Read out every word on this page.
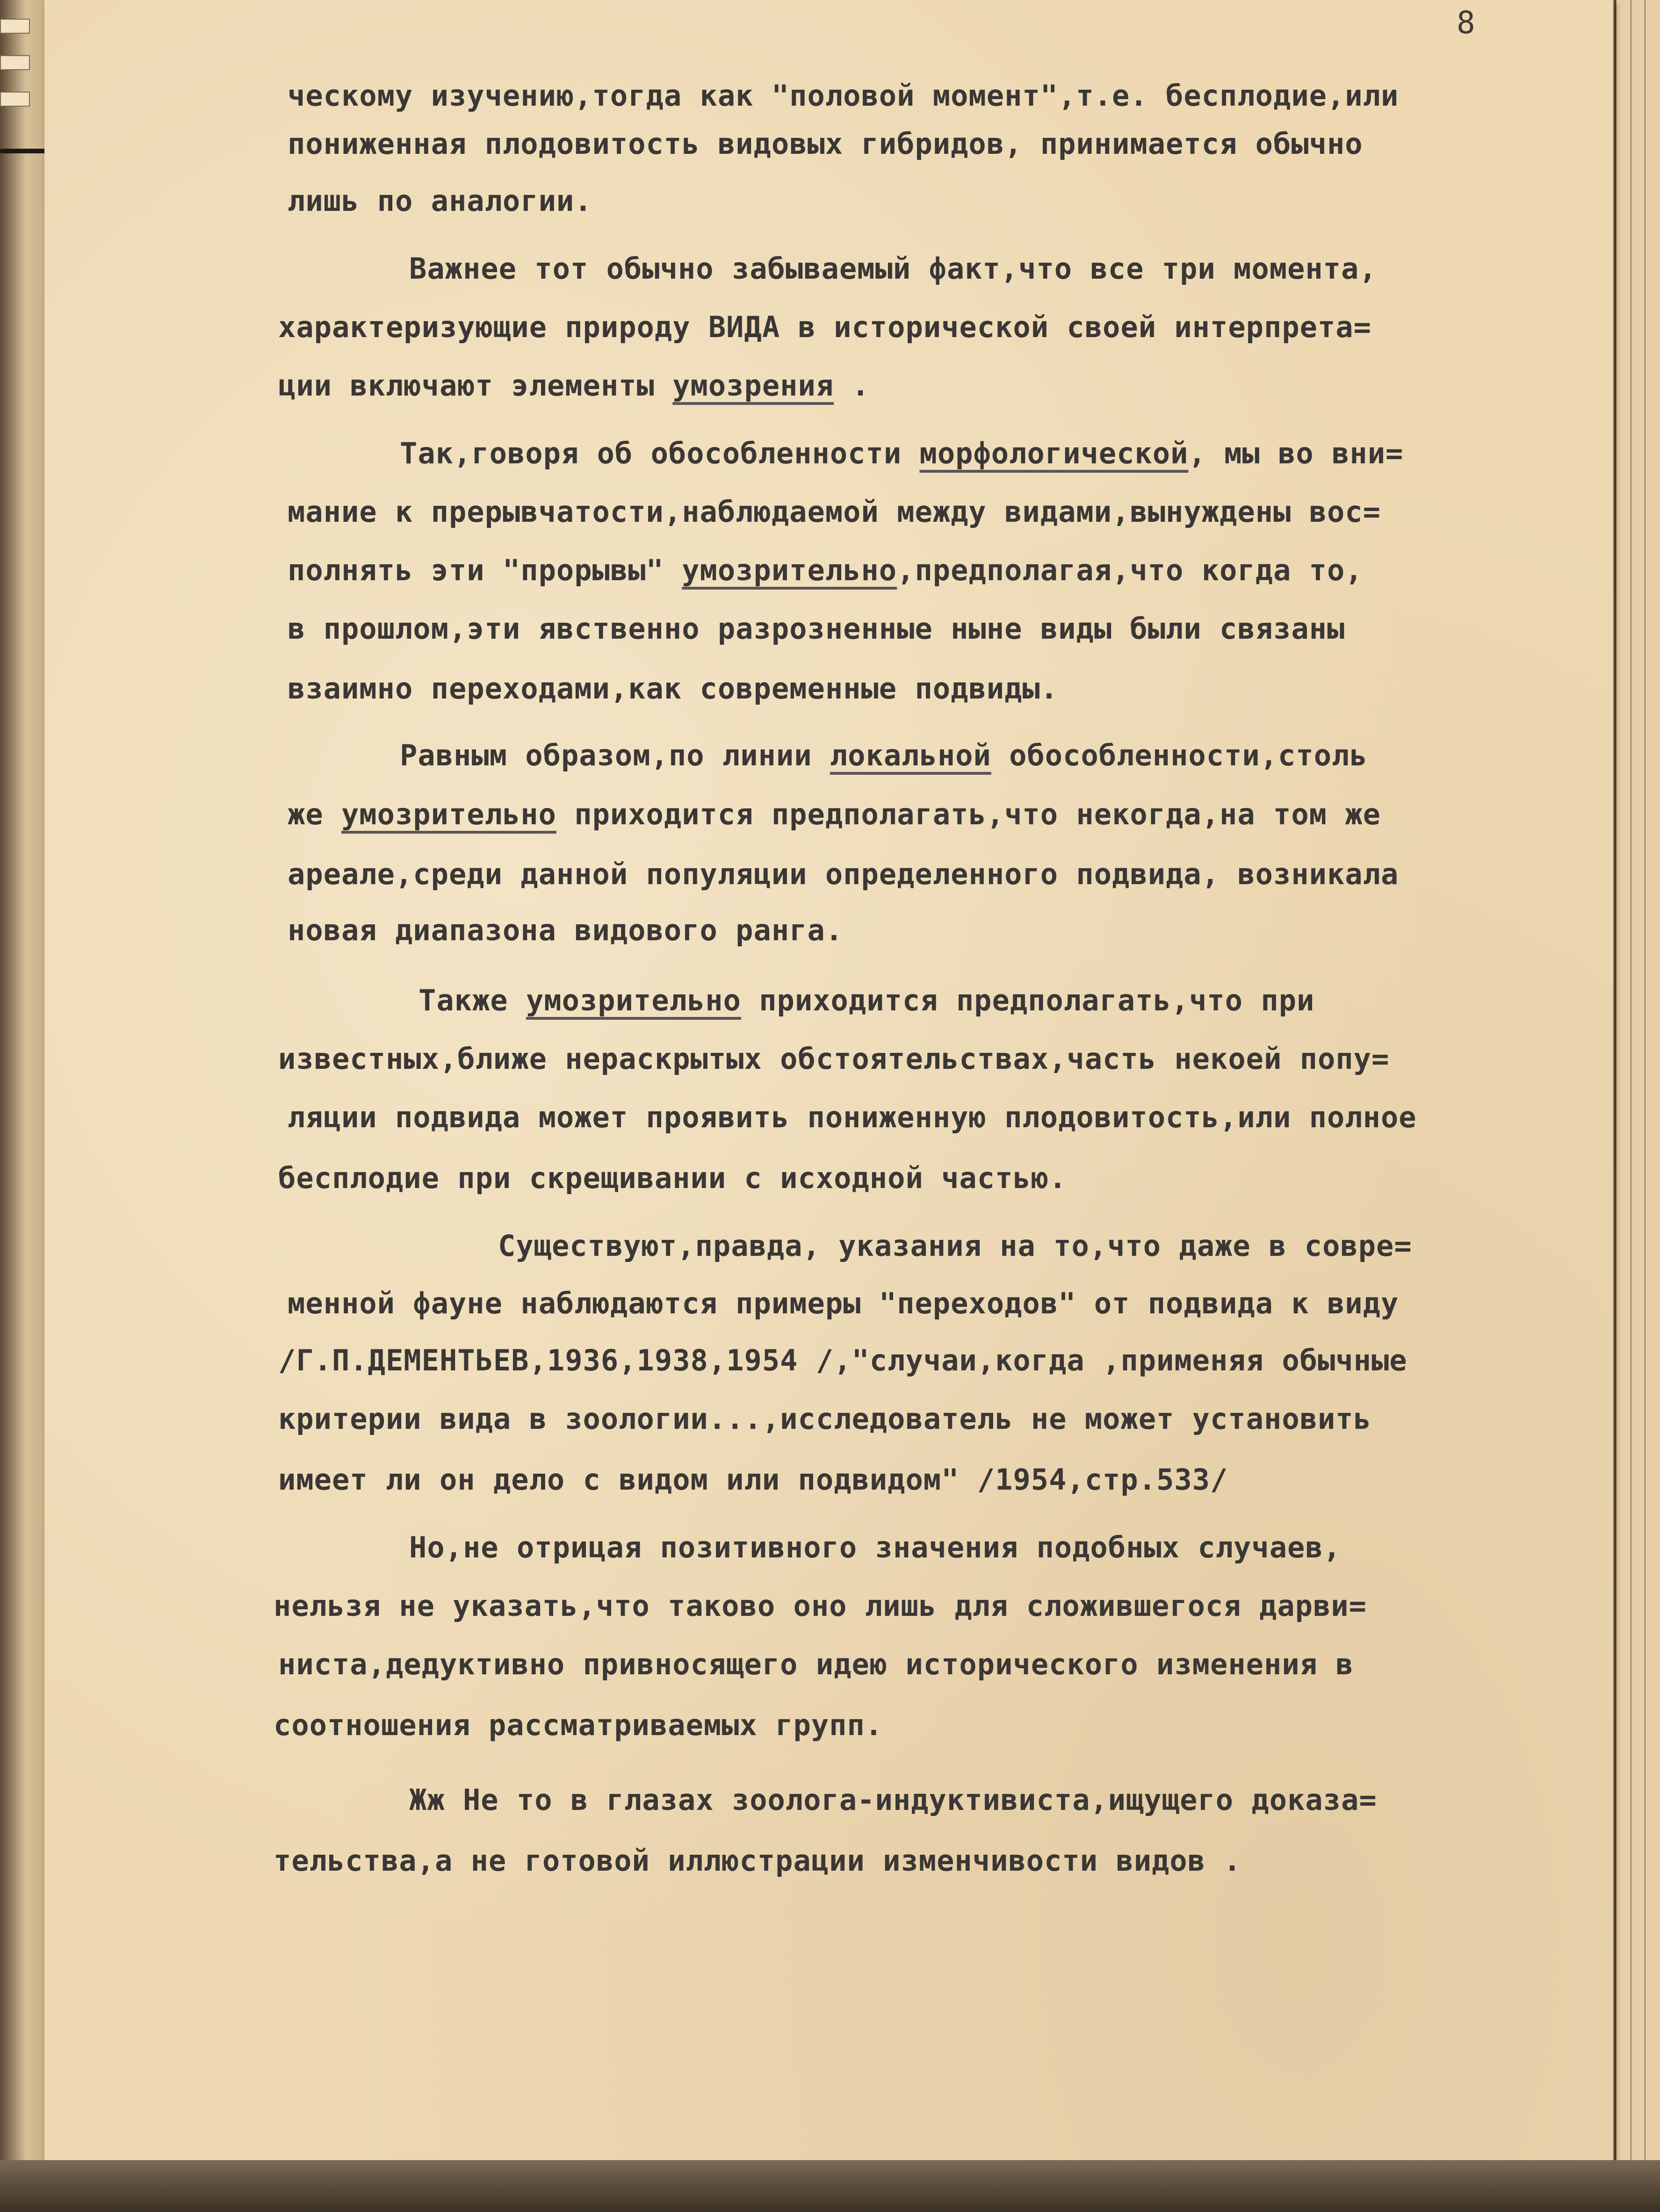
8
ческому изучению,тогда как "половой момент",т.е. бесплодие,или
пониженная плодовитость видовых гибридов, принимается обычно
лишь по аналогии.
Важнее тот обычно забываемый факт,что все три момента,
характеризующие природу ВИДА в исторической своей интерпрета=
ции включают элементы умозрения .
Так,говоря об обособленности морфологической, мы во вни=
мание к прерывчатости,наблюдаемой между видами,вынуждены вос=
полнять эти "прорывы" умозрительно,предполагая,что когда то,
в прошлом,эти явственно разрозненные ныне виды были связаны
взаимно переходами,как современные подвиды.
Равным образом,по линии локальной обособленности,столь
же умозрительно приходится предполагать,что некогда,на том же
ареале,среди данной популяции определенного подвида, возникала
новая диапазона видового ранга.
Также умозрительно приходится предполагать,что при
известных,ближе нераскрытых обстоятельствах,часть некоей попу=
ляции подвида может проявить пониженную плодовитость,или полное
бесплодие при скрещивании с исходной частью.
Существуют,правда, указания на то,что даже в совре=
менной фауне наблюдаются примеры "переходов" от подвида к виду
/Г.П.ДЕМЕНТЬЕВ,1936,1938,1954 /,"случаи,когда ,применяя обычные
критерии вида в зоологии...,исследователь не может установить
имеет ли он дело с видом или подвидом" /1954,стр.533/
Но,не отрицая позитивного значения подобных случаев,
нельзя не указать,что таково оно лишь для сложившегося дарви=
ниста,дедуктивно привносящего идею исторического изменения в
соотношения рассматриваемых групп.
Жж Не то в глазах зоолога-индуктивиста,ищущего доказа=
тельства,а не готовой иллюстрации изменчивости видов .
